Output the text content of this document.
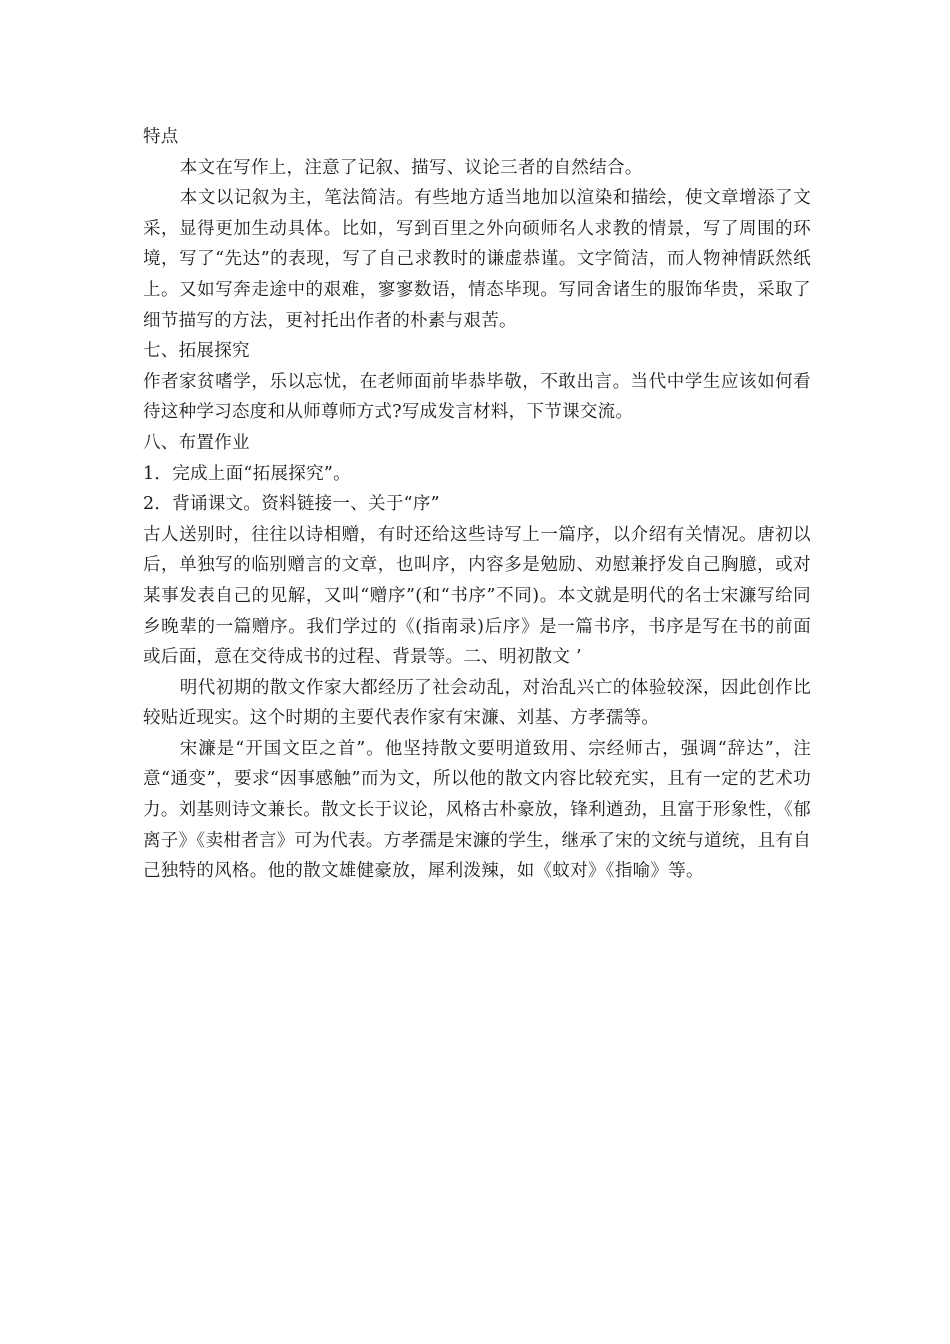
特点

本文在写作上，注意了记叙、描写、议论三者的自然结合。

本文以记叙为主，笔法简洁。有些地方适当地加以渲染和描绘，使文章增添了文采，显得更加生动具体。比如，写到百里之外向硕师名人求教的情景，写了周围的环境，写了“先达”的表现，写了自己求教时的谦虚恭谨。文字简洁，而人物神情跃然纸上。又如写奔走途中的艰难，寥寥数语，情态毕现。写同舍诸生的服饰华贵，采取了细节描写的方法，更衬托出作者的朴素与艰苦。

七、拓展探究

作者家贫嗜学，乐以忘忧，在老师面前毕恭毕敬，不敢出言。当代中学生应该如何看待这种学习态度和从师尊师方式?写成发言材料，下节课交流。

八、布置作业

1．完成上面“拓展探究”。

2．背诵课文。资料链接一、关于“序”

古人送别时，往往以诗相赠，有时还给这些诗写上一篇序，以介绍有关情况。唐初以后，单独写的临别赠言的文章，也叫序，内容多是勉励、劝慰兼抒发自己胸臆，或对某事发表自己的见解，又叫“赠序”(和“书序”不同)。本文就是明代的名士宋濂写给同乡晚辈的一篇赠序。我们学过的《(指南录)后序》是一篇书序，书序是写在书的前面或后面，意在交待成书的过程、背景等。二、明初散文 ’

明代初期的散文作家大都经历了社会动乱，对治乱兴亡的体验较深，因此创作比较贴近现实。这个时期的主要代表作家有宋濂、刘基、方孝孺等。

宋濂是“开国文臣之首”。他坚持散文要明道致用、宗经师古，强调“辞达”，注意“通变”，要求“因事感触”而为文，所以他的散文内容比较充实，且有一定的艺术功力。刘基则诗文兼长。散文长于议论，风格古朴豪放，锋利遒劲，且富于形象性，《郁离子》《卖柑者言》可为代表。方孝孺是宋濂的学生，继承了宋的文统与道统，且有自己独特的风格。他的散文雄健豪放，犀利泼辣，如《蚊对》《指喻》等。
